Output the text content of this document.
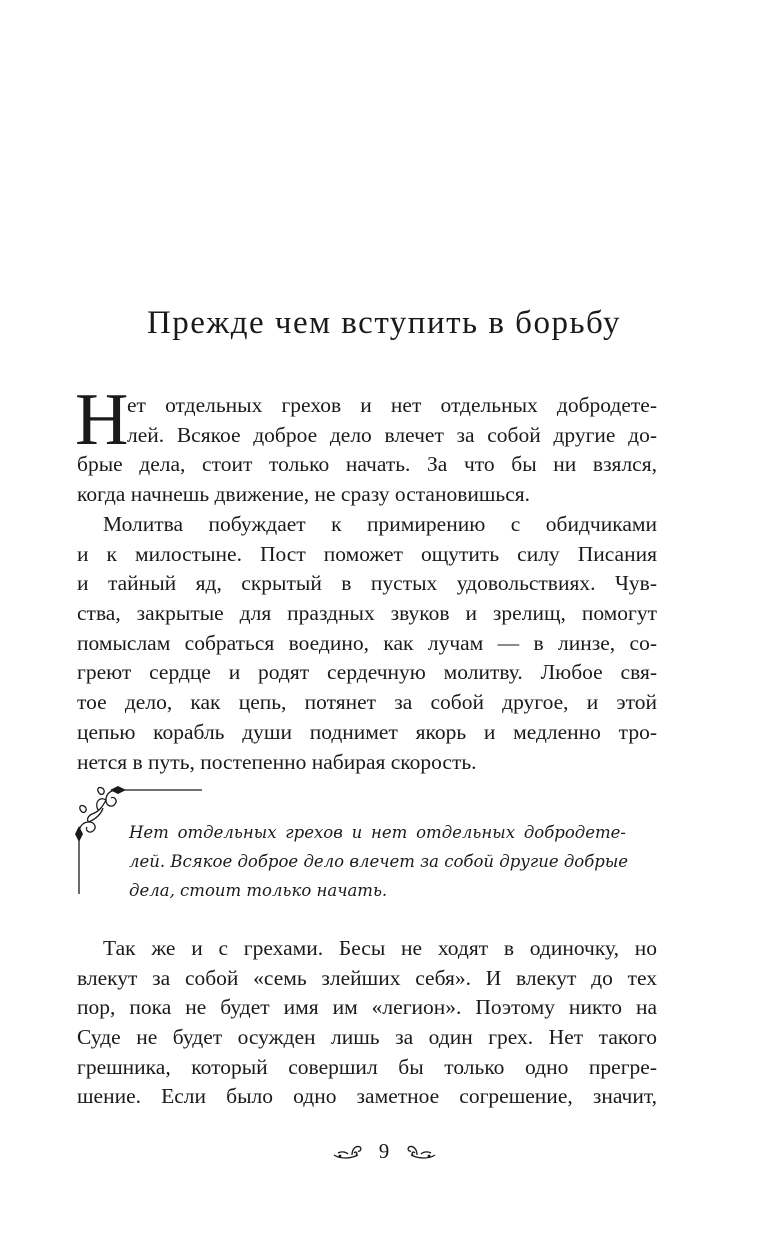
Прежде чем вступить в борьбу
Н
ет отдельных грехов и нет отдельных добродете-
лей. Всякое доброе дело влечет за собой другие до-
брые дела, стоит только начать. За что бы ни взялся,
когда начнешь движение, не сразу остановишься.
Молитва побуждает к примирению с обидчиками
и к милостыне. Пост поможет ощутить силу Писания
и тайный яд, скрытый в пустых удовольствиях. Чув-
ства, закрытые для праздных звуков и зрелищ, помогут
помыслам собраться воедино, как лучам — в линзе, со-
греют сердце и родят сердечную молитву. Любое свя-
тое дело, как цепь, потянет за собой другое, и этой
цепью корабль души поднимет якорь и медленно тро-
нется в путь, постепенно набирая скорость.
Нет отдельных грехов и нет отдельных добродете-
лей. Всякое доброе дело влечет за собой другие добрые
дела, стоит только начать.
Так же и с грехами. Бесы не ходят в одиночку, но
влекут за собой «семь злейших себя». И влекут до тех
пор, пока не будет имя им «легион». Поэтому никто на
Суде не будет осужден лишь за один грех. Нет такого
грешника, который совершил бы только одно прегре-
шение. Если было одно заметное согрешение, значит,
9
